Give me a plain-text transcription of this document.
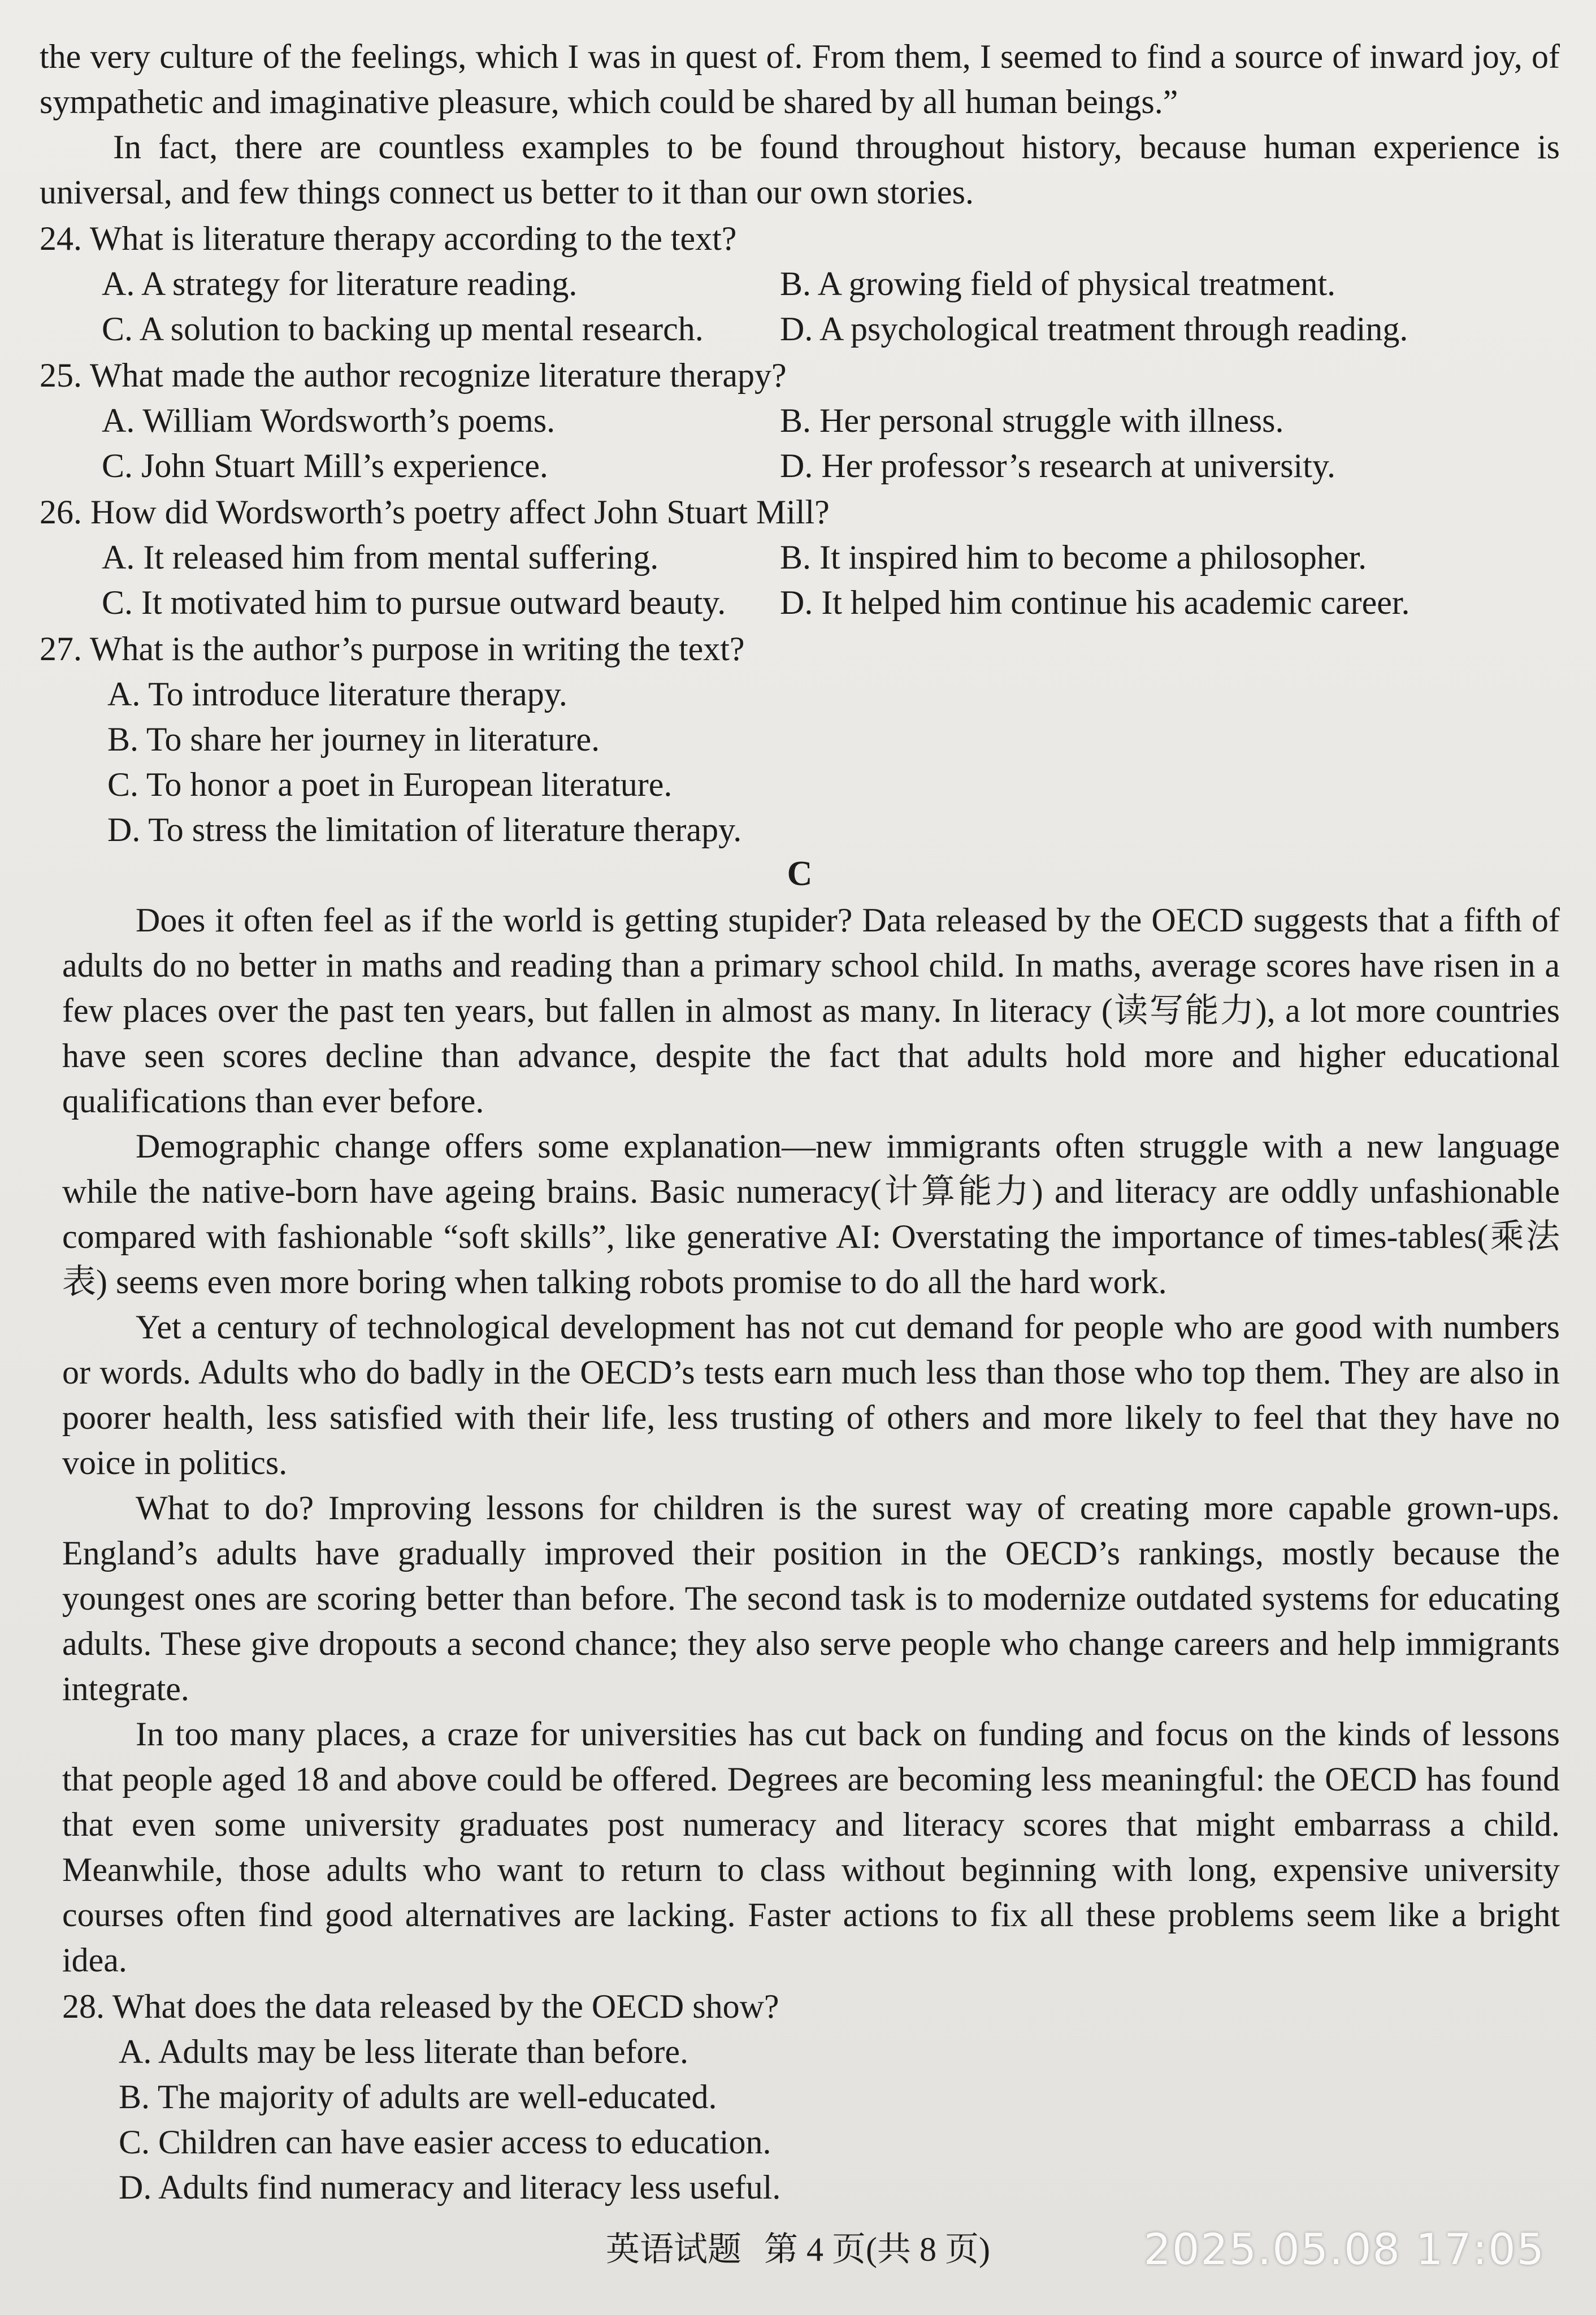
the very culture of the feelings, which I was in quest of. From them, I seemed to find a source of inward joy, of sympathetic and imaginative pleasure, which could be shared by all human beings.”

In fact, there are countless examples to be found throughout history, because human experience is universal, and few things connect us better to it than our own stories.

24. What is literature therapy according to the text?
A. A strategy for literature reading.	B. A growing field of physical treatment.
C. A solution to backing up mental research.	D. A psychological treatment through reading.
25. What made the author recognize literature therapy?
A. William Wordsworth’s poems.	B. Her personal struggle with illness.
C. John Stuart Mill’s experience.	D. Her professor’s research at university.
26. How did Wordsworth’s poetry affect John Stuart Mill?
A. It released him from mental suffering.	B. It inspired him to become a philosopher.
C. It motivated him to pursue outward beauty.	D. It helped him continue his academic career.
27. What is the author’s purpose in writing the text?
A. To introduce literature therapy.
B. To share her journey in literature.
C. To honor a poet in European literature.
D. To stress the limitation of literature therapy.
C

Does it often feel as if the world is getting stupider? Data released by the OECD suggests that a fifth of adults do no better in maths and reading than a primary school child. In maths, average scores have risen in a few places over the past ten years, but fallen in almost as many. In literacy (读写能力), a lot more countries have seen scores decline than advance, despite the fact that adults hold more and higher educational qualifications than ever before.

Demographic change offers some explanation—new immigrants often struggle with a new language while the native-born have ageing brains. Basic numeracy(计算能力) and literacy are oddly unfashionable compared with fashionable “soft skills”, like generative AI: Overstating the importance of times-tables(乘法表) seems even more boring when talking robots promise to do all the hard work.

Yet a century of technological development has not cut demand for people who are good with numbers or words. Adults who do badly in the OECD’s tests earn much less than those who top them. They are also in poorer health, less satisfied with their life, less trusting of others and more likely to feel that they have no voice in politics.

What to do? Improving lessons for children is the surest way of creating more capable grown-ups. England’s adults have gradually improved their position in the OECD’s rankings, mostly because the youngest ones are scoring better than before. The second task is to modernize outdated systems for educating adults. These give dropouts a second chance; they also serve people who change careers and help immigrants integrate.

In too many places, a craze for universities has cut back on funding and focus on the kinds of lessons that people aged 18 and above could be offered. Degrees are becoming less meaningful: the OECD has found that even some university graduates post numeracy and literacy scores that might embarrass a child. Meanwhile, those adults who want to return to class without beginning with long, expensive university courses often find good alternatives are lacking. Faster actions to fix all these problems seem like a bright idea.

28. What does the data released by the OECD show?
A. Adults may be less literate than before.
B. The majority of adults are well-educated.
C. Children can have easier access to education.
D. Adults find numeracy and literacy less useful.
英语试题 第 4 页(共 8 页)	2025.05.08 17:05
